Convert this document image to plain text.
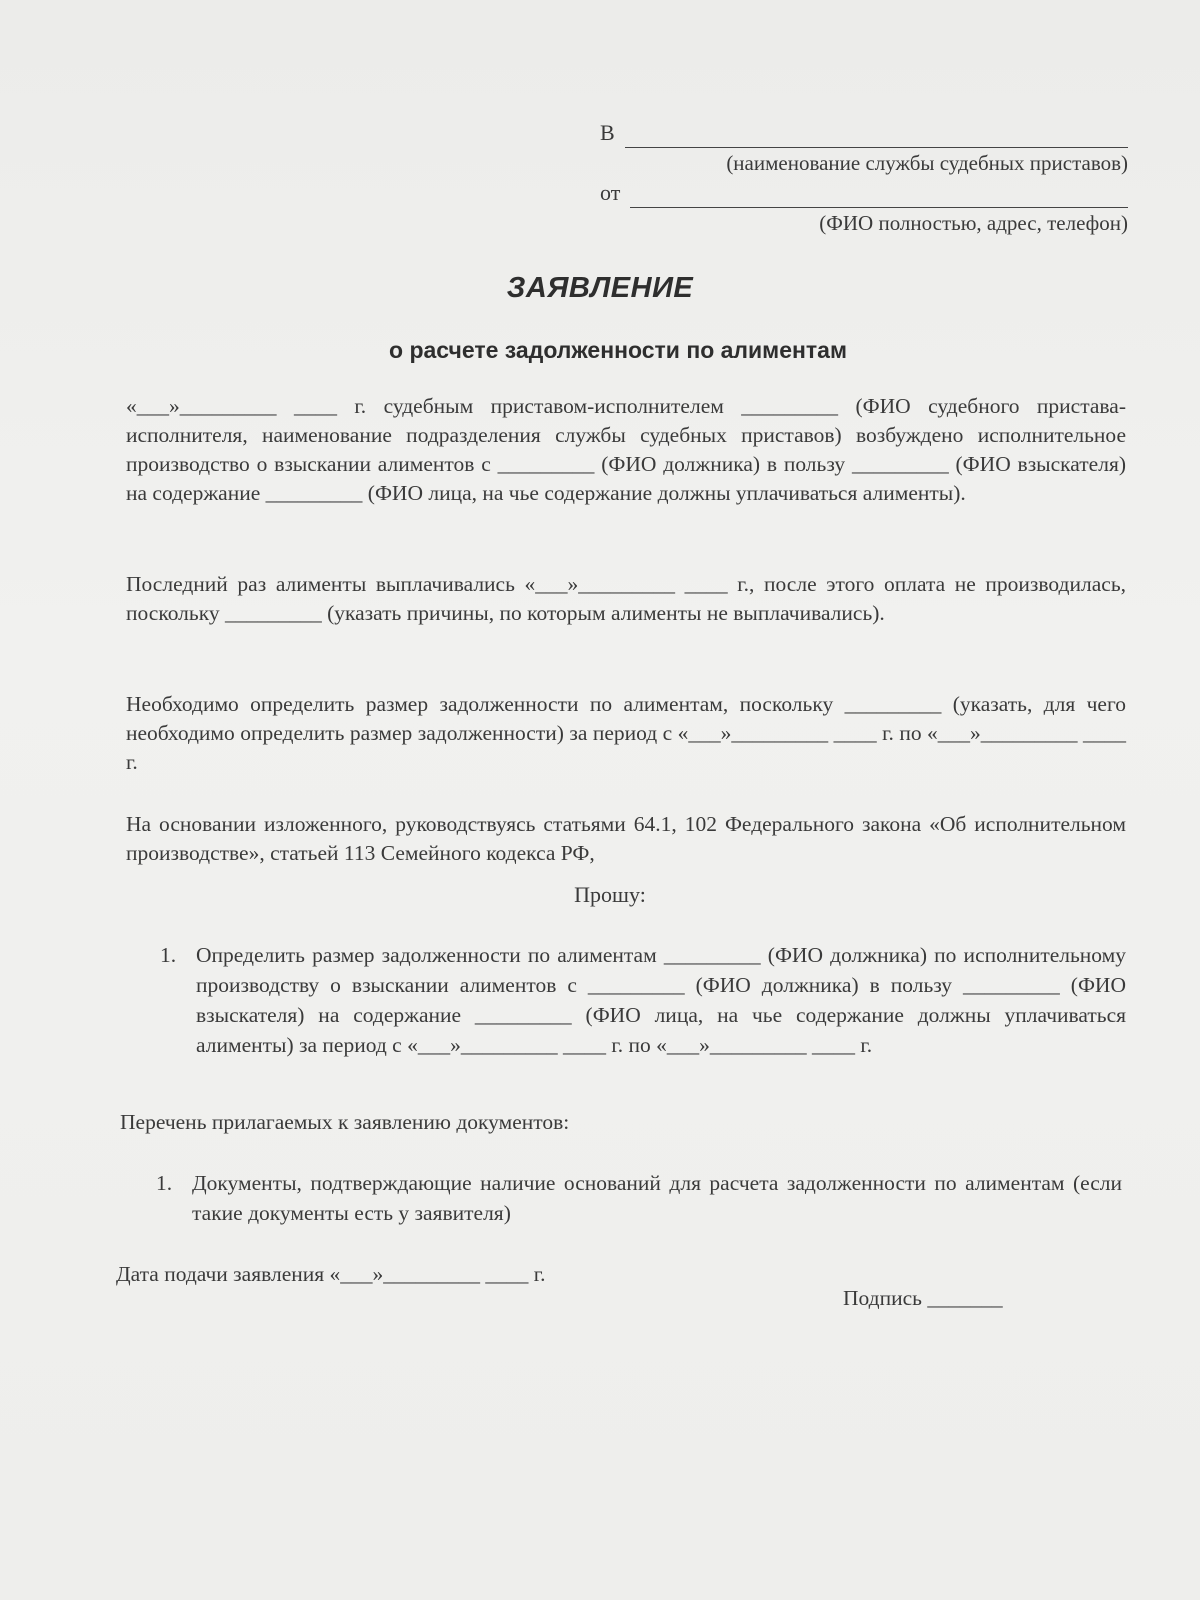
В
(наименование службы судебных приставов)
от
(ФИО полностью, адрес, телефон)
ЗАЯВЛЕНИЕ
о расчете задолженности по алиментам
«___»_________ ____ г. судебным приставом-исполнителем _________ (ФИО судебного пристава-исполнителя, наименование подразделения службы судебных приставов) возбуждено исполнительное производство о взыскании алиментов с _________ (ФИО должника) в пользу _________ (ФИО взыскателя) на содержание _________ (ФИО лица, на чье содержание должны уплачиваться алименты).
Последний раз алименты выплачивались «___»_________ ____ г., после этого оплата не производилась, поскольку _________ (указать причины, по которым алименты не выплачивались).
Необходимо определить размер задолженности по алиментам, поскольку _________ (указать, для чего необходимо определить размер задолженности) за период с «___»_________ ____ г. по «___»_________ ____ г.
На основании изложенного, руководствуясь статьями 64.1, 102 Федерального закона «Об исполнительном производстве», статьей 113 Семейного кодекса РФ,
Прошу:
1. Определить размер задолженности по алиментам _________ (ФИО должника) по исполнительному производству о взыскании алиментов с _________ (ФИО должника) в пользу _________ (ФИО взыскателя) на содержание _________ (ФИО лица, на чье содержание должны уплачиваться алименты) за период с «___»_________ ____ г. по «___»_________ ____ г.
Перечень прилагаемых к заявлению документов:
1. Документы, подтверждающие наличие оснований для расчета задолженности по алиментам (если такие документы есть у заявителя)
Дата подачи заявления «___»_________ ____ г.
Подпись _______
